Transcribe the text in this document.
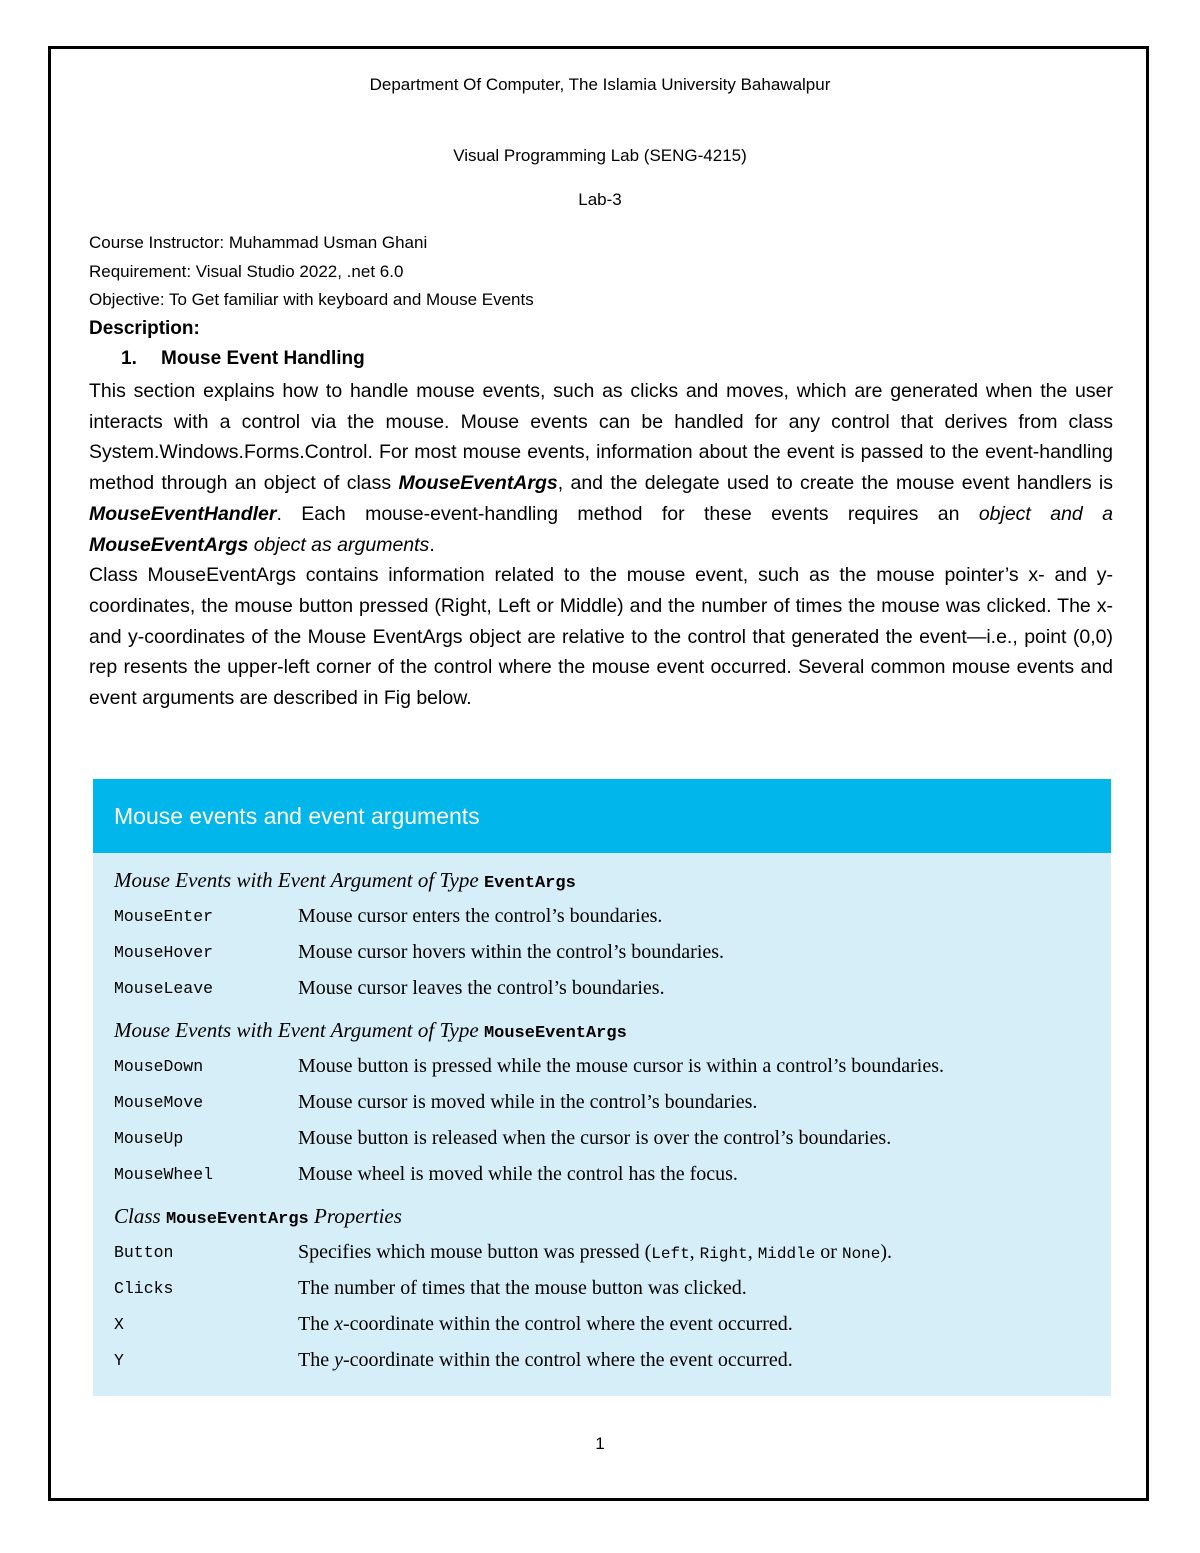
Department Of Computer, The Islamia University Bahawalpur
Visual Programming Lab (SENG-4215)
Lab-3
Course Instructor: Muhammad Usman Ghani
Requirement: Visual Studio 2022, .net 6.0
Objective: To Get familiar with keyboard and Mouse Events
Description:
1. Mouse Event Handling

This section explains how to handle mouse events, such as clicks and moves, which are generated when the user interacts with a control via the mouse. Mouse events can be handled for any control that derives from class System.Windows.Forms.Control. For most mouse events, information about the event is passed to the event-handling method through an object of class MouseEventArgs, and the delegate used to create the mouse event handlers is MouseEventHandler. Each mouse-event-handling method for these events requires an object and a MouseEventArgs object as arguments.

Class MouseEventArgs contains information related to the mouse event, such as the mouse pointer’s x- and y-coordinates, the mouse button pressed (Right, Left or Middle) and the number of times the mouse was clicked. The x- and y-coordinates of the Mouse EventArgs object are relative to the control that generated the event—i.e., point (0,0) rep resents the upper-left corner of the control where the mouse event occurred. Several common mouse events and event arguments are described in Fig below.

Mouse events and event arguments
Mouse Events with Event Argument of Type EventArgs
MouseEnter	Mouse cursor enters the control’s boundaries.
MouseHover	Mouse cursor hovers within the control’s boundaries.
MouseLeave	Mouse cursor leaves the control’s boundaries.
Mouse Events with Event Argument of Type MouseEventArgs
MouseDown	Mouse button is pressed while the mouse cursor is within a control’s boundaries.
MouseMove	Mouse cursor is moved while in the control’s boundaries.
MouseUp	Mouse button is released when the cursor is over the control’s boundaries.
MouseWheel	Mouse wheel is moved while the control has the focus.
Class MouseEventArgs Properties
Button	Specifies which mouse button was pressed (Left, Right, Middle or None).
Clicks	The number of times that the mouse button was clicked.
X	The x-coordinate within the control where the event occurred.
Y	The y-coordinate within the control where the event occurred.
1
